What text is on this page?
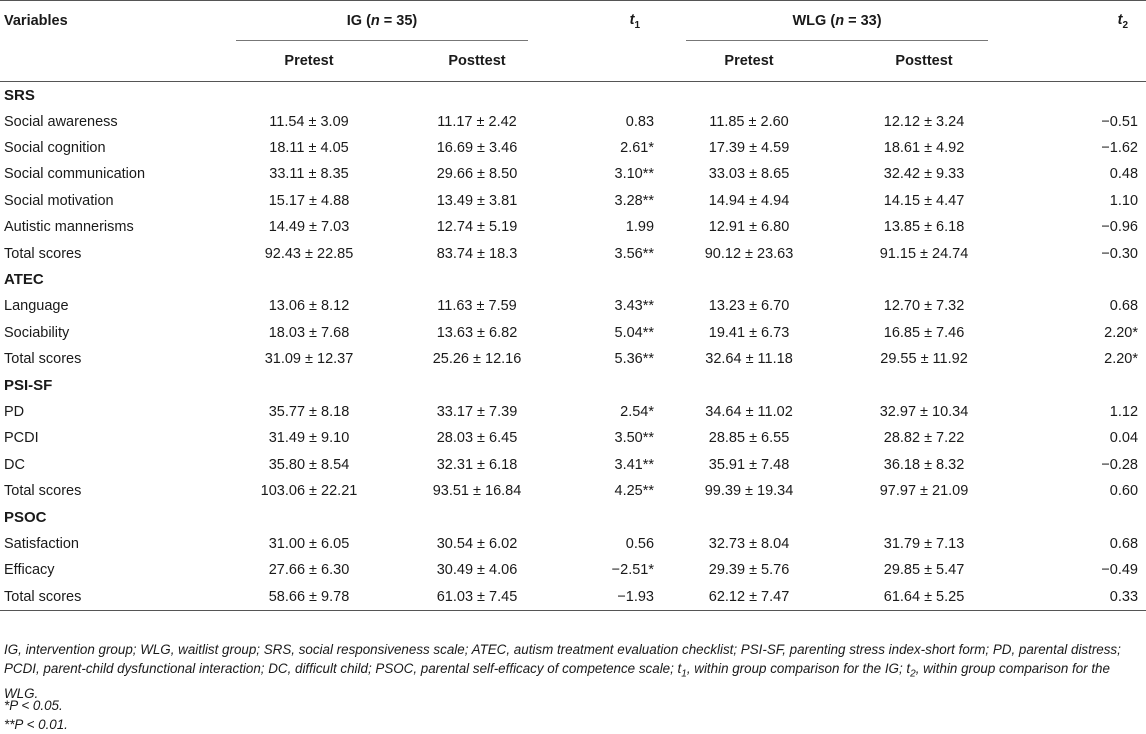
Variables	IG (n = 35)		$t_1$	WLG (n = 33)		$t_2$
	Pretest	Posttest		Pretest	Posttest	
SRS						
Social awareness	11.54 ± 3.09	11.17 ± 2.42	0.83	11.85 ± 2.60	12.12 ± 3.24	−0.51
Social cognition	18.11 ± 4.05	16.69 ± 3.46	2.61*	17.39 ± 4.59	18.61 ± 4.92	−1.62
Social communication	33.11 ± 8.35	29.66 ± 8.50	3.10**	33.03 ± 8.65	32.42 ± 9.33	0.48
Social motivation	15.17 ± 4.88	13.49 ± 3.81	3.28**	14.94 ± 4.94	14.15 ± 4.47	1.10
Autistic mannerisms	14.49 ± 7.03	12.74 ± 5.19	1.99	12.91 ± 6.80	13.85 ± 6.18	−0.96
Total scores	92.43 ± 22.85	83.74 ± 18.3	3.56**	90.12 ± 23.63	91.15 ± 24.74	−0.30
ATEC						
Language	13.06 ± 8.12	11.63 ± 7.59	3.43**	13.23 ± 6.70	12.70 ± 7.32	0.68
Sociability	18.03 ± 7.68	13.63 ± 6.82	5.04**	19.41 ± 6.73	16.85 ± 7.46	2.20*
Total scores	31.09 ± 12.37	25.26 ± 12.16	5.36**	32.64 ± 11.18	29.55 ± 11.92	2.20*
PSI-SF						
PD	35.77 ± 8.18	33.17 ± 7.39	2.54*	34.64 ± 11.02	32.97 ± 10.34	1.12
PCDI	31.49 ± 9.10	28.03 ± 6.45	3.50**	28.85 ± 6.55	28.82 ± 7.22	0.04
DC	35.80 ± 8.54	32.31 ± 6.18	3.41**	35.91 ± 7.48	36.18 ± 8.32	−0.28
Total scores	103.06 ± 22.21	93.51 ± 16.84	4.25**	99.39 ± 19.34	97.97 ± 21.09	0.60
PSOC						
Satisfaction	31.00 ± 6.05	30.54 ± 6.02	0.56	32.73 ± 8.04	31.79 ± 7.13	0.68
Efficacy	27.66 ± 6.30	30.49 ± 4.06	−2.51*	29.39 ± 5.76	29.85 ± 5.47	−0.49
Total scores	58.66 ± 9.78	61.03 ± 7.45	−1.93	62.12 ± 7.47	61.64 ± 5.25	0.33
IG, intervention group; WLG, waitlist group; SRS, social responsiveness scale; ATEC, autism treatment evaluation checklist; PSI-SF, parenting stress index-short form; PD, parental distress; PCDI, parent-child dysfunctional interaction; DC, difficult child; PSOC, parental self-efficacy of competence scale; $t_1$, within group comparison for the IG; $t_2$, within group comparison for the WLG.
*P < 0.05.
**P < 0.01.
